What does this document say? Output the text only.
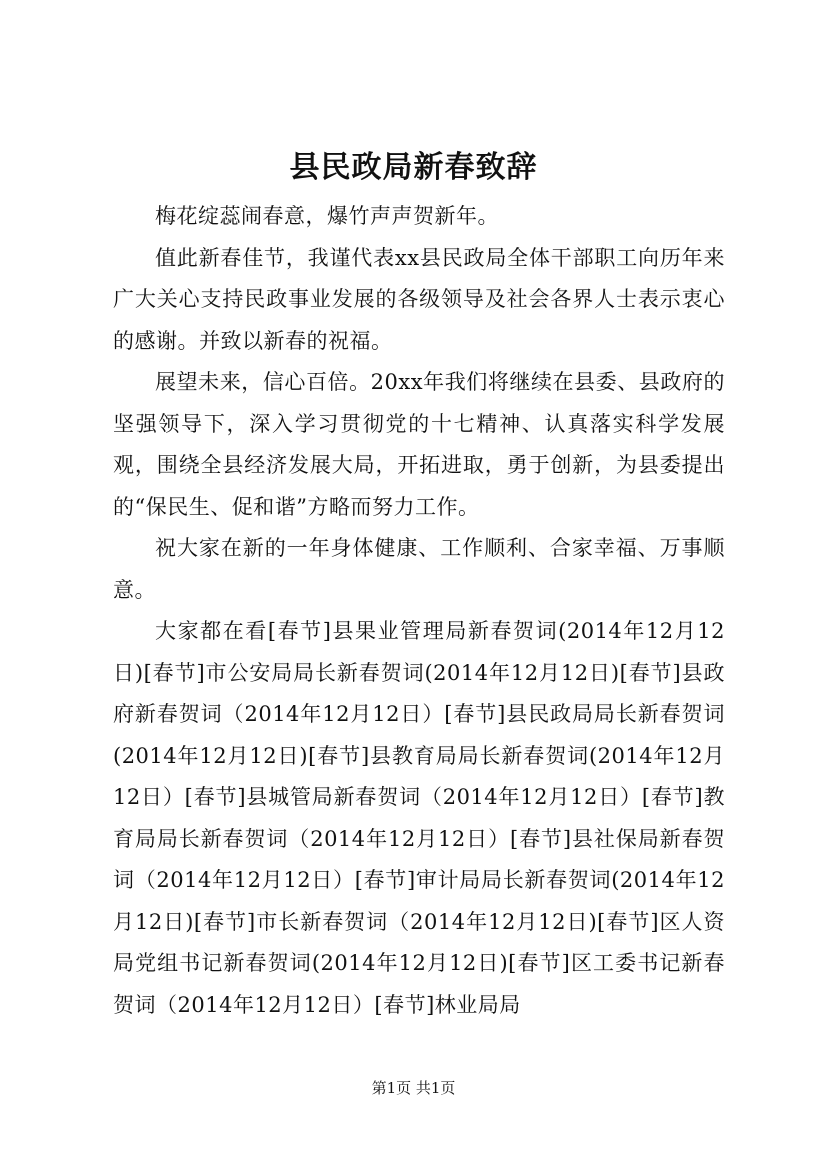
县民政局新春致辞

梅花绽蕊闹春意，爆竹声声贺新年。

值此新春佳节，我谨代表xx县民政局全体干部职工向历年来广大关心支持民政事业发展的各级领导及社会各界人士表示衷心的感谢。并致以新春的祝福。

展望未来，信心百倍。20xx年我们将继续在县委、县政府的坚强领导下，深入学习贯彻党的十七精神、认真落实科学发展观，围绕全县经济发展大局，开拓进取，勇于创新，为县委提出的“保民生、促和谐”方略而努力工作。

祝大家在新的一年身体健康、工作顺利、合家幸福、万事顺意。

大家都在看[春节]县果业管理局新春贺词(2014年12月12日)[春节]市公安局局长新春贺词(2014年12月12日)[春节]县政府新春贺词（2014年12月12日）[春节]县民政局局长新春贺词(2014年12月12日)[春节]县教育局局长新春贺词(2014年12月12日）[春节]县城管局新春贺词（2014年12月12日）[春节]教育局局长新春贺词（2014年12月12日）[春节]县社保局新春贺词（2014年12月12日）[春节]审计局局长新春贺词(2014年12月12日)[春节]市长新春贺词（2014年12月12日)[春节]区人资局党组书记新春贺词(2014年12月12日)[春节]区工委书记新春贺词（2014年12月12日）[春节]林业局局

第1页 共1页
